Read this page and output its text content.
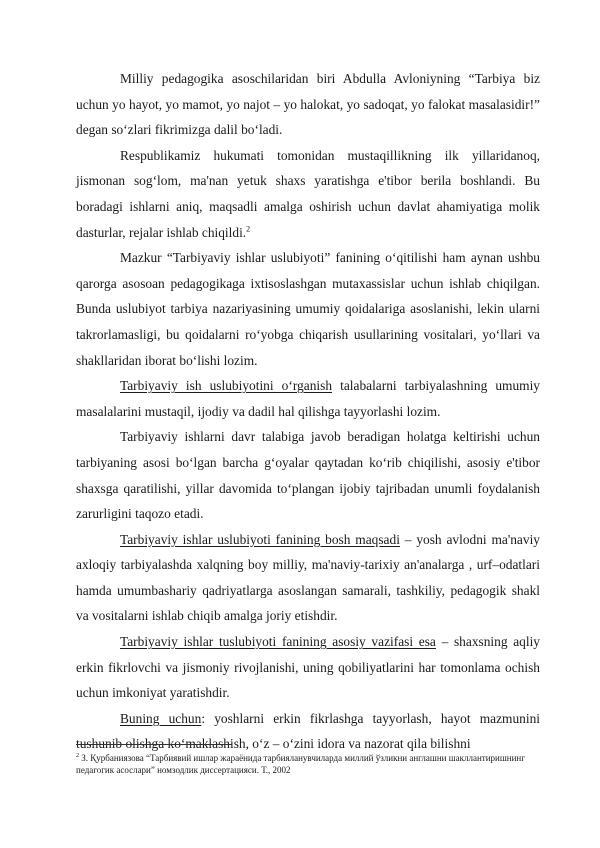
Milliy pedagogika asoschilaridan biri Abdulla Avloniyning “Tarbiya biz uchun yo hayot, yo mamot, yo najot – yo halokat, yo sadoqat, yo falokat masalasidir!” degan so‘zlari fikrimizga dalil bo‘ladi.

Respublikamiz hukumati tomonidan mustaqillikning ilk yillaridanoq, jismonan sog‘lom, ma'nan yetuk shaxs yaratishga e'tibor berila boshlandi. Bu boradagi ishlarni aniq, maqsadli amalga oshirish uchun davlat ahamiyatiga molik dasturlar, rejalar ishlab chiqildi.$^2$

Mazkur “Tarbiyaviy ishlar uslubiyoti” fanining o‘qitilishi ham aynan ushbu qarorga asosoan pedagogikaga ixtisoslashgan mutaxassislar uchun ishlab chiqilgan. Bunda uslubiyot tarbiya nazariyasining umumiy qoidalariga asoslanishi, lekin ularni takrorlamasligi, bu qoidalarni ro‘yobga chiqarish usullarining vositalari, yo‘llari va shakllaridan iborat bo‘lishi lozim.

Tarbiyaviy ish uslubiyotini o‘rganish talabalarni tarbiyalashning umumiy masalalarini mustaqil, ijodiy va dadil hal qilishga tayyorlashi lozim.

Tarbiyaviy ishlarni davr talabiga javob beradigan holatga keltirishi uchun tarbiyaning asosi bo‘lgan barcha g‘oyalar qaytadan ko‘rib chiqilishi, asosiy e'tibor shaxsga qaratilishi, yillar davomida to‘plangan ijobiy tajribadan unumli foydalanish zarurligini taqozo etadi.

Tarbiyaviy ishlar uslubiyoti fanining bosh maqsadi – yosh avlodni ma'naviy axloqiy tarbiyalashda xalqning boy milliy, ma'naviy-tarixiy an'analarga , urf–odatlari hamda umumbashariy qadriyatlarga asoslangan samarali, tashkiliy, pedagogik shakl va vositalarni ishlab chiqib amalga joriy etishdir.

Tarbiyaviy ishlar tuslubiyoti fanining asosiy vazifasi esa – shaxsning aqliy erkin fikrlovchi va jismoniy rivojlanishi, uning qobiliyatlarini har tomonlama ochish uchun imkoniyat yaratishdir.

Buning uchun: yoshlarni erkin fikrlashga tayyorlash, hayot mazmunini tushunib olishga ko‘maklashish, o‘z – o‘zini idora va nazorat qila bilishni

$^2$ З. Қурбаниязова “Тарбиявий ишлар жараёнида тарбияланувчиларда миллий ўзликни англашни шакллантиришнинг педагогик асослари” номзодлик диссертацияси. Т., 2002
